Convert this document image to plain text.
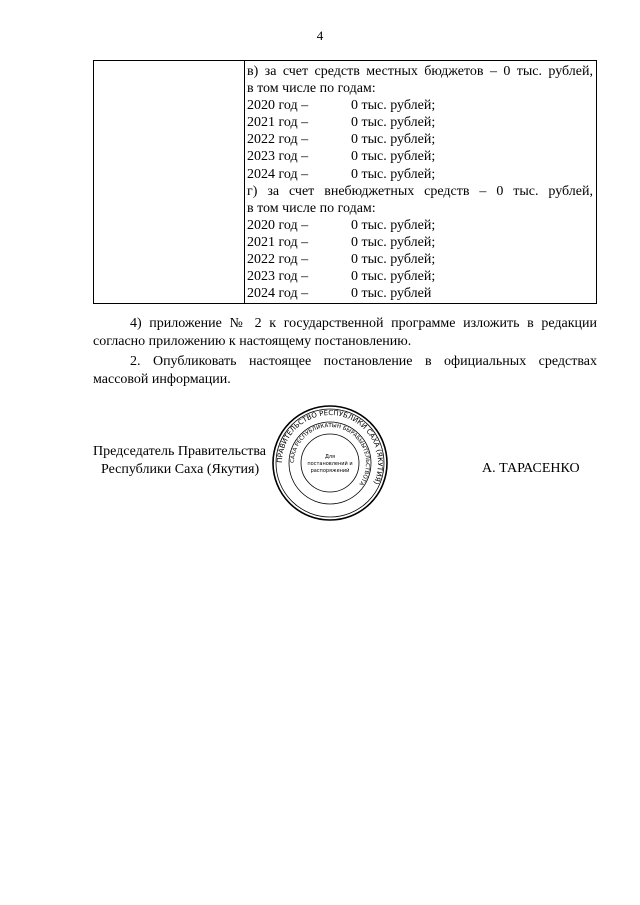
4
в) за счет средств местных бюджетов – 0 тыс. рублей,
в том числе по годам:
2020 год –	0 тыс. рублей;
2021 год –	0 тыс. рублей;
2022 год –	0 тыс. рублей;
2023 год –	0 тыс. рублей;
2024 год –	0 тыс. рублей;
г) за счет внебюджетных средств – 0 тыс. рублей,
в том числе по годам:
2020 год –	0 тыс. рублей;
2021 год –	0 тыс. рублей;
2022 год –	0 тыс. рублей;
2023 год –	0 тыс. рублей;
2024 год –	0 тыс. рублей
4) приложение № 2 к государственной программе изложить в редакции
согласно приложению к настоящему постановлению.
2. Опубликовать настоящее постановление в официальных средствах
массовой информации.
Председатель Правительства
Республики Саха (Якутия)	А. ТАРАСЕНКО
ПРАВИТЕЛЬСТВО РЕСПУБЛИКИ САХА (ЯКУТИЯ)
САХА РЕСПУБЛИКАТЫН БЫРАБЫЫТЕЛЬСТВОТА
Для
постановлений и
распоряжений
